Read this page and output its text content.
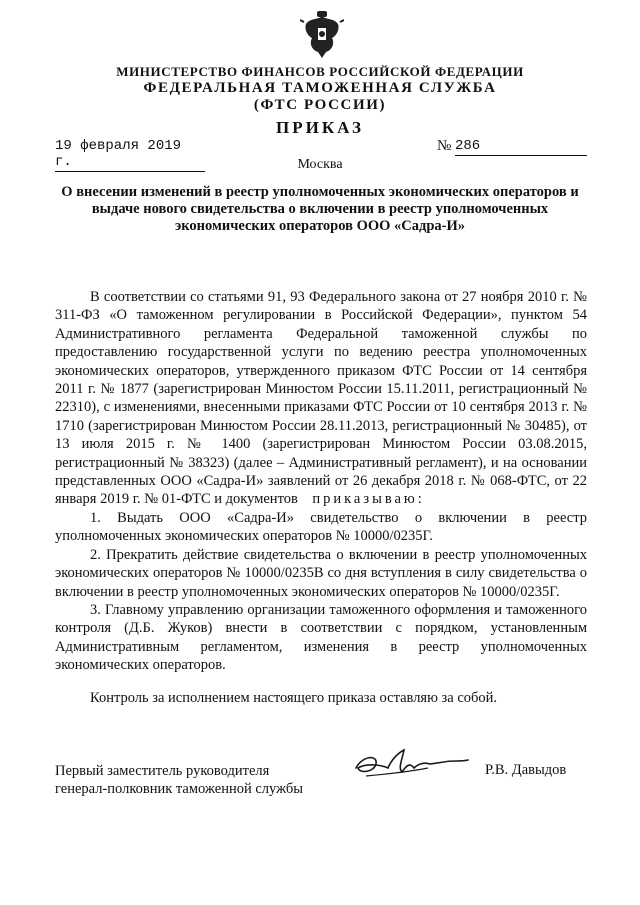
МИНИСТЕРСТВО ФИНАНСОВ РОССИЙСКОЙ ФЕДЕРАЦИИ
ФЕДЕРАЛЬНАЯ ТАМОЖЕННАЯ СЛУЖБА
(ФТС РОССИИ)
ПРИКАЗ
19 февраля 2019 г.
№ 286
Москва
О внесении изменений в реестр уполномоченных экономических операторов и выдаче нового свидетельства о включении в реестр уполномоченных экономических операторов ООО «Садра-И»

В соответствии со статьями 91, 93 Федерального закона от 27 ноября 2010 г. № 311-ФЗ «О таможенном регулировании в Российской Федерации», пунктом 54 Административного регламента Федеральной таможенной службы по предоставлению государственной услуги по ведению реестра уполномоченных экономических операторов, утвержденного приказом ФТС России от 14 сентября 2011 г. № 1877 (зарегистрирован Минюстом России 15.11.2011, регистрационный № 22310), с изменениями, внесенными приказами ФТС России от 10 сентября 2013 г. № 1710 (зарегистрирован Минюстом России 28.11.2013, регистрационный № 30485), от 13 июля 2015 г. № 1400 (зарегистрирован Минюстом России 03.08.2015, регистрационный № 38323) (далее – Административный регламент), и на основании представленных ООО «Садра-И» заявлений от 26 декабря 2018 г. № 068-ФТС, от 22 января 2019 г. № 01-ФТС и документов приказываю:

1. Выдать ООО «Садра-И» свидетельство о включении в реестр уполномоченных экономических операторов № 10000/0235Г.

2. Прекратить действие свидетельства о включении в реестр уполномоченных экономических операторов № 10000/0235В со дня вступления в силу свидетельства о включении в реестр уполномоченных экономических операторов № 10000/0235Г.

3. Главному управлению организации таможенного оформления и таможенного контроля (Д.Б. Жуков) внести в соответствии с порядком, установленным Административным регламентом, изменения в реестр уполномоченных экономических операторов.

Контроль за исполнением настоящего приказа оставляю за собой.
Первый заместитель руководителя
генерал-полковник таможенной службы
Р.В. Давыдов
